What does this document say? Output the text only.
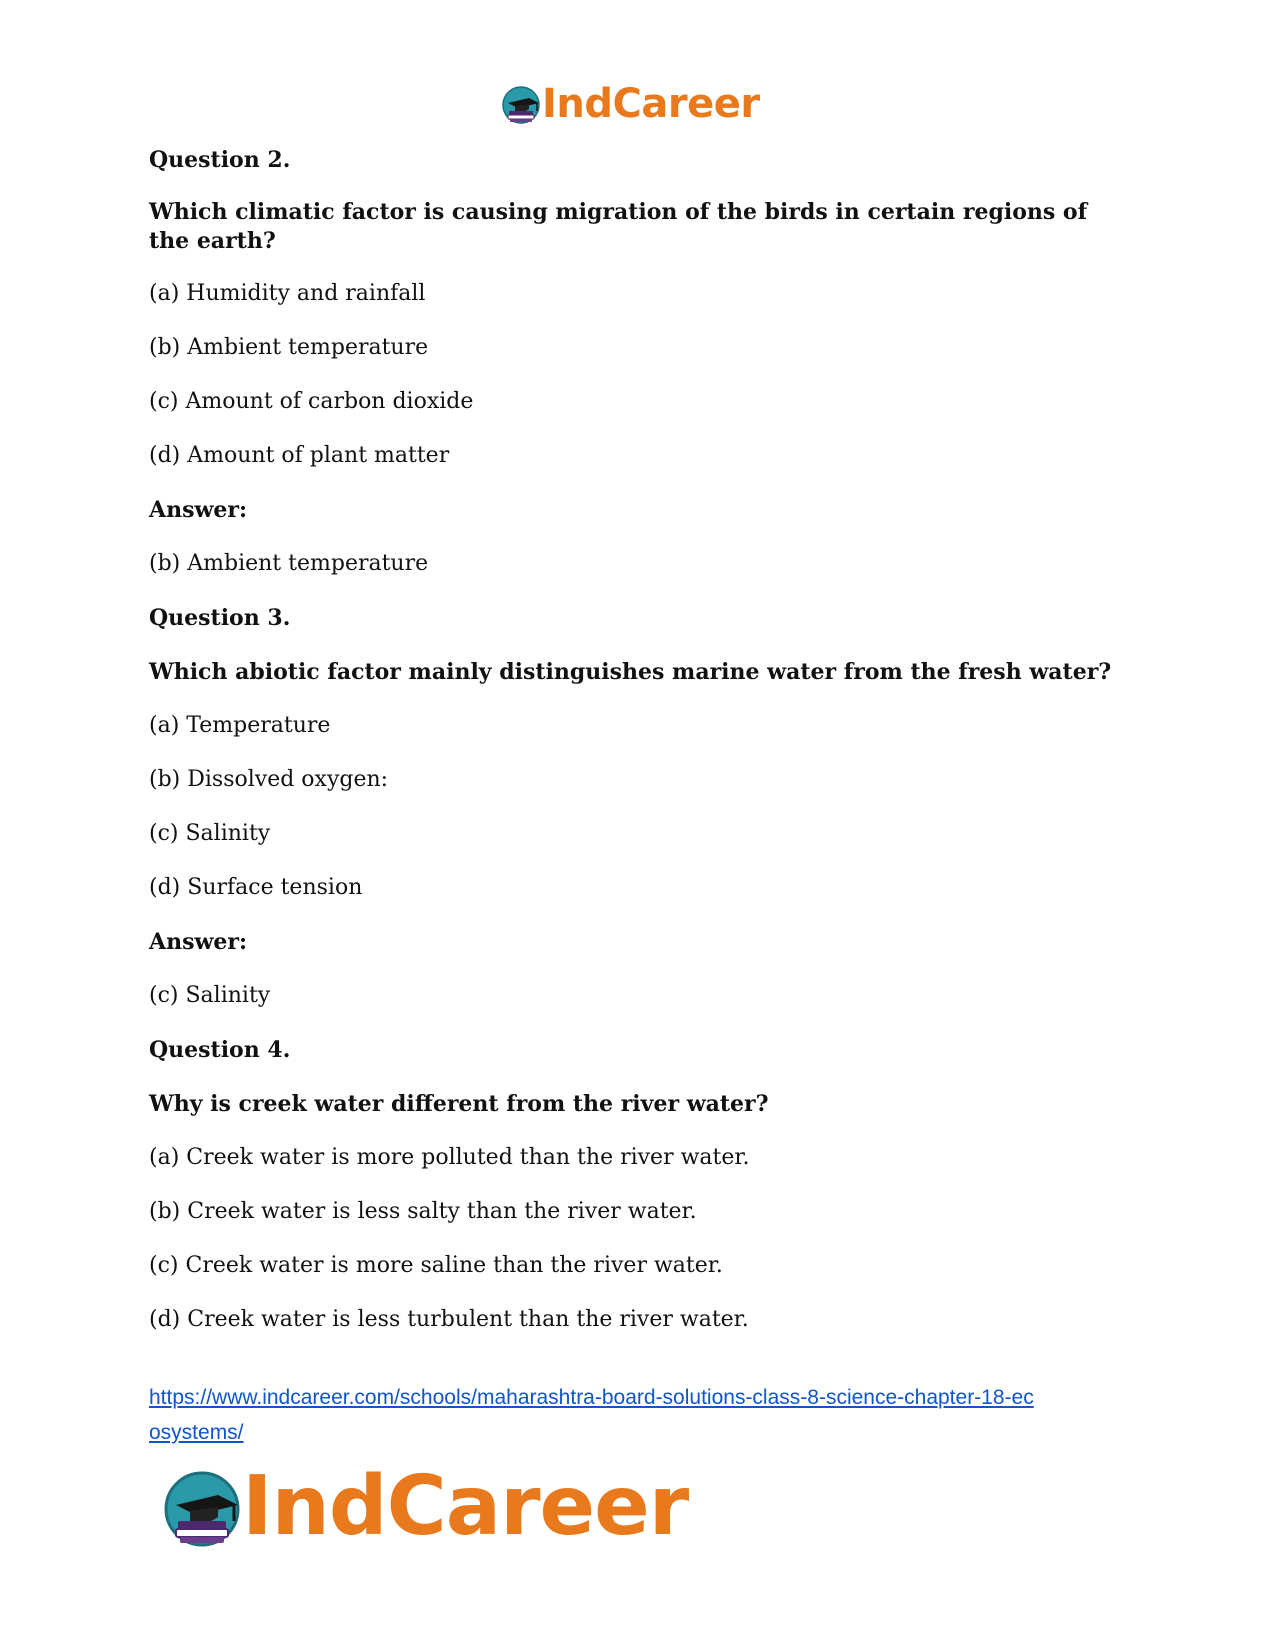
IndCareer

Question 2.

Which climatic factor is causing migration of the birds in certain regions of the earth?

(a) Humidity and rainfall

(b) Ambient temperature

(c) Amount of carbon dioxide

(d) Amount of plant matter

Answer:

(b) Ambient temperature

Question 3.

Which abiotic factor mainly distinguishes marine water from the fresh water?

(a) Temperature

(b) Dissolved oxygen:

(c) Salinity

(d) Surface tension

Answer:

(c) Salinity

Question 4.

Why is creek water different from the river water?

(a) Creek water is more polluted than the river water.

(b) Creek water is less salty than the river water.

(c) Creek water is more saline than the river water.

(d) Creek water is less turbulent than the river water.

https://www.indcareer.com/schools/maharashtra-board-solutions-class-8-science-chapter-18-ec
osystems/
IndCareer
